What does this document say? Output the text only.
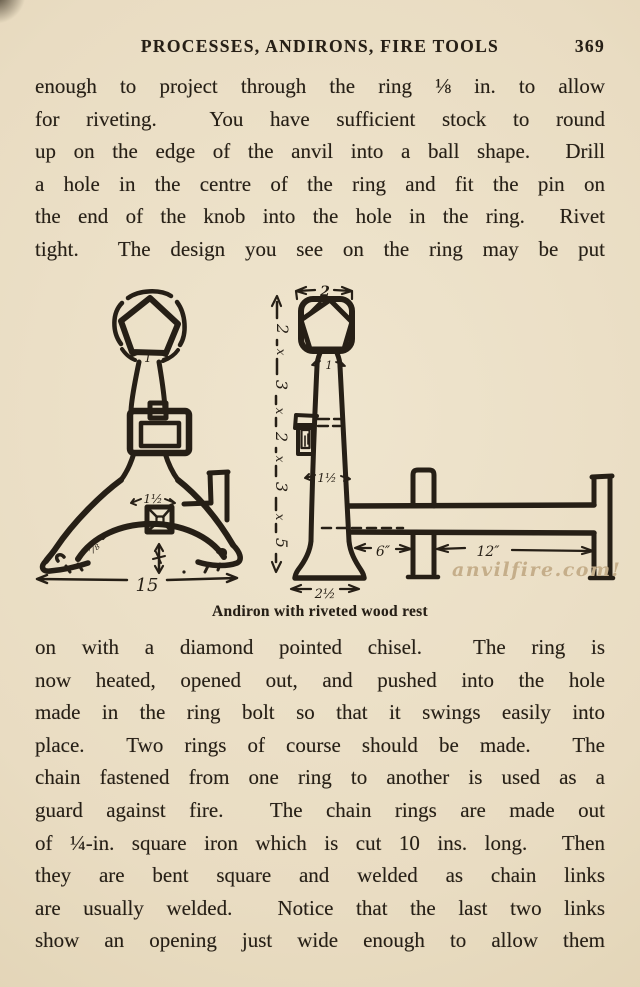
PROCESSES, ANDIRONS, FIRE TOOLS	369
enough to project through the ring ⅛ in. to allow
for riveting.  You have sufficient stock to round
up on the edge of the anvil into a ball shape.  Drill
a hole in the centre of the ring and fit the pin on
the end of the knob into the hole in the ring.  Rivet
tight.  The design you see on the ring may be put
1
1½
⅞
15
2
x
3
x
2
x
3
x
5
2
1
1½
2½
6″	12″
anvilfire.com!
Andiron with riveted wood rest
on with a diamond pointed chisel.  The ring is
now heated, opened out, and pushed into the hole
made in the ring bolt so that it swings easily into
place.  Two rings of course should be made.  The
chain fastened from one ring to another is used as a
guard against fire.  The chain rings are made out
of ¼-in. square iron which is cut 10 ins. long.  Then
they are bent square and welded as chain links
are usually welded.  Notice that the last two links
show an opening just wide enough to allow them
